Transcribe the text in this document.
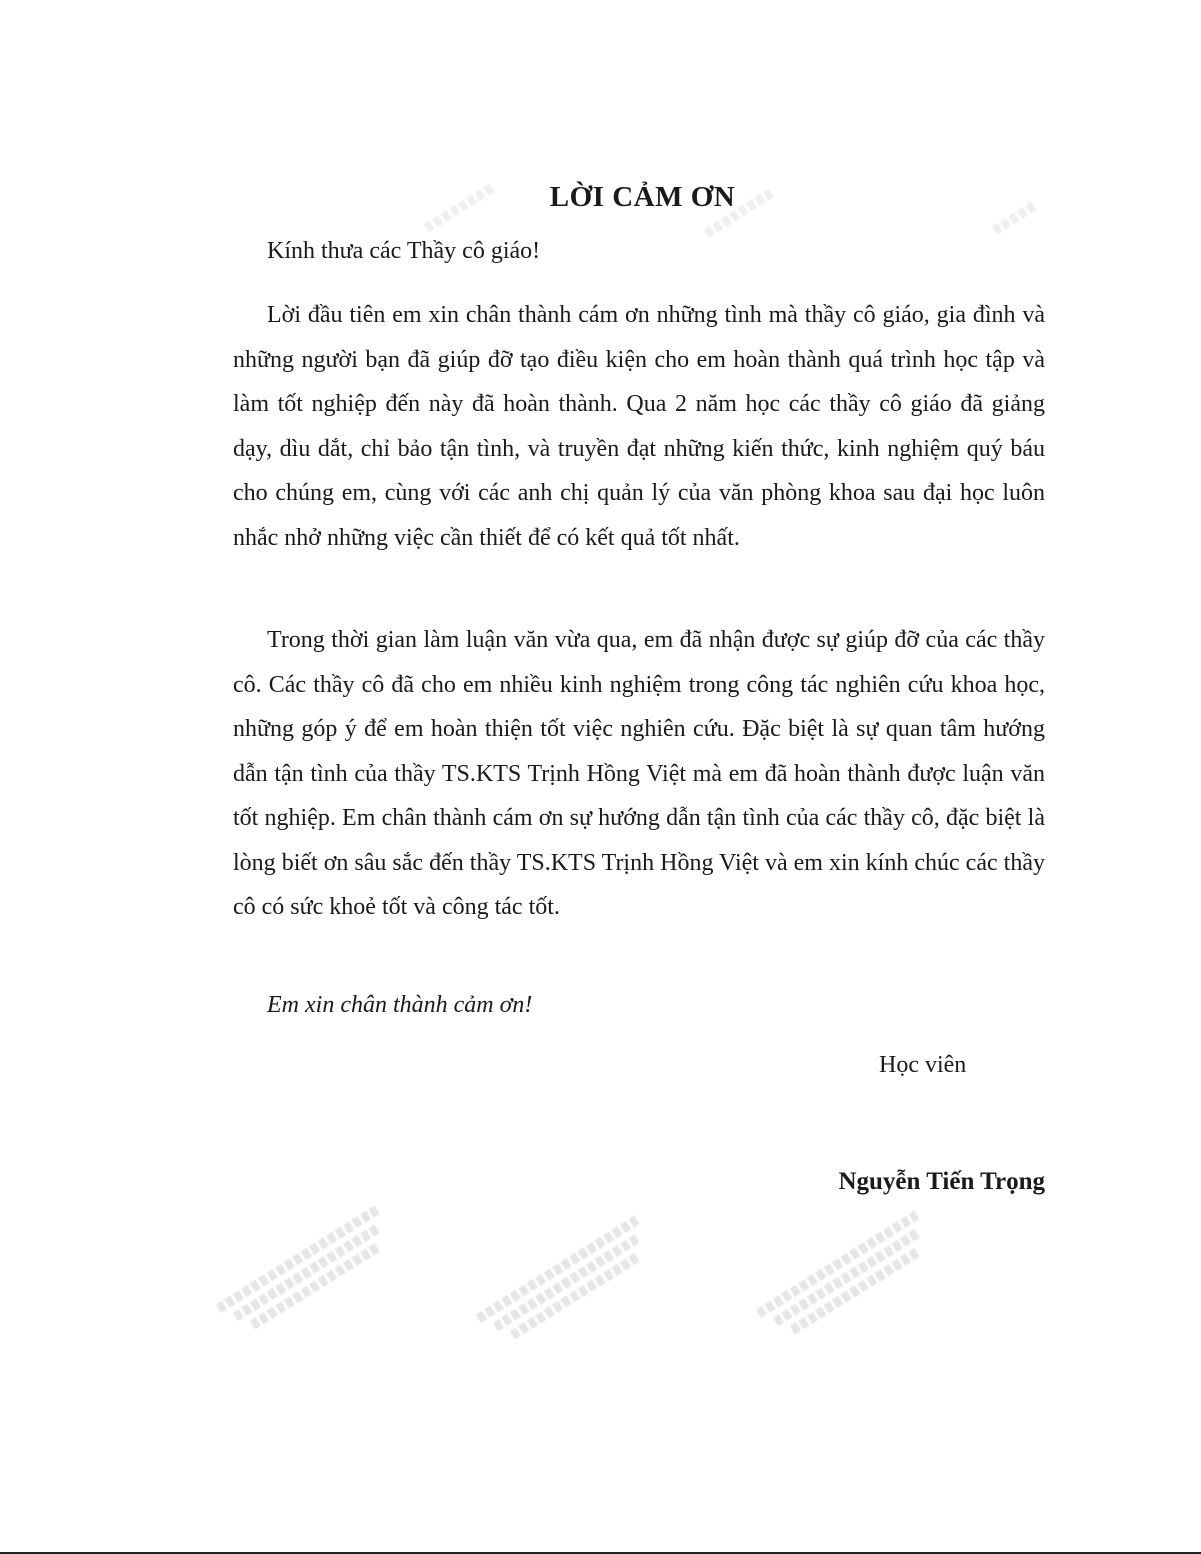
LỜI CẢM ƠN

Kính thưa các Thầy cô giáo!

Lời đầu tiên em xin chân thành cám ơn những tình mà thầy cô giáo, gia đình và những người bạn đã giúp đỡ tạo điều kiện cho em hoàn thành quá trình học tập và làm tốt nghiệp đến này đã hoàn thành. Qua 2 năm học các thầy cô giáo đã giảng dạy, dìu dắt, chỉ bảo tận tình, và truyền đạt những kiến thức, kinh nghiệm quý báu cho chúng em, cùng với các anh chị quản lý của văn phòng khoa sau đại học luôn nhắc nhở những việc cần thiết để có kết quả tốt nhất.

Trong thời gian làm luận văn vừa qua, em đã nhận được sự giúp đỡ của các thầy cô. Các thầy cô đã cho em nhiều kinh nghiệm trong công tác nghiên cứu khoa học, những góp ý để em hoàn thiện tốt việc nghiên cứu. Đặc biệt là sự quan tâm hướng dẫn tận tình của thầy TS.KTS Trịnh Hồng Việt mà em đã hoàn thành được luận văn tốt nghiệp. Em chân thành cám ơn sự hướng dẫn tận tình của các thầy cô, đặc biệt là lòng biết ơn sâu sắc đến thầy TS.KTS Trịnh Hồng Việt và em xin kính chúc các thầy cô có sức khoẻ tốt và công tác tốt.

Em xin chân thành cảm ơn!

Học viên

Nguyễn Tiến Trọng
